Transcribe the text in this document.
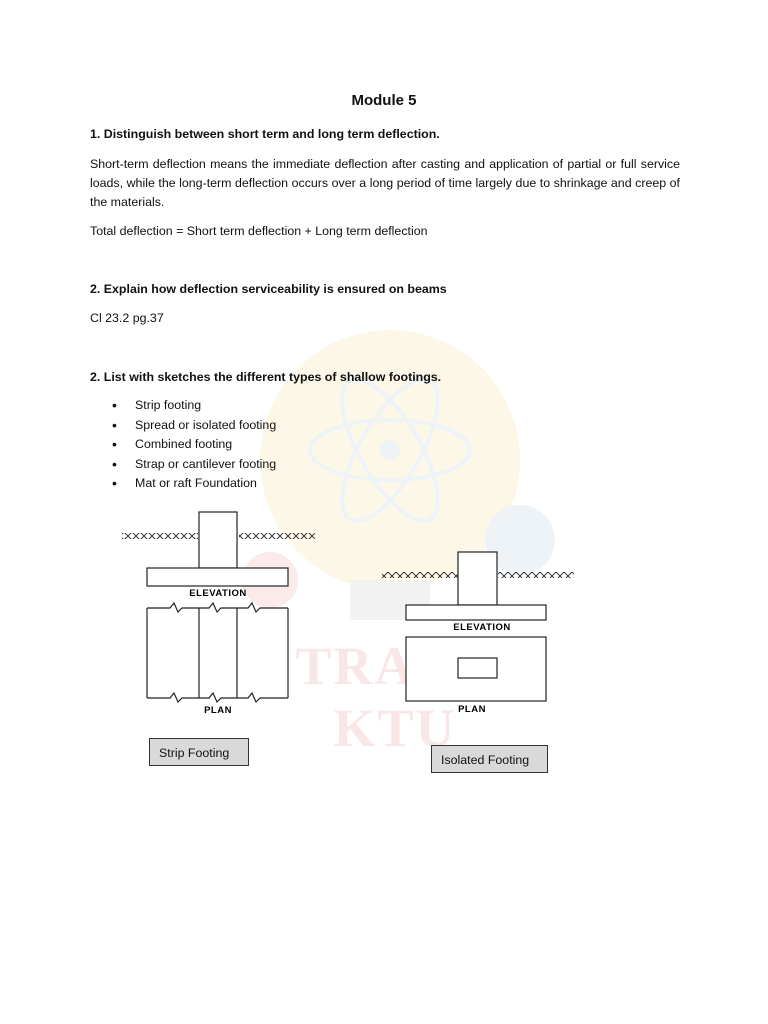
TRACE KTU
Module 5
1. Distinguish between short term and long term deflection.
Short-term deflection means the immediate deflection after casting and application of partial or full service loads, while the long-term deflection occurs over a long period of time largely due to shrinkage and creep of the materials.
Total deflection = Short term deflection + Long term deflection
2. Explain how deflection serviceability is ensured on beams
Cl 23.2 pg.37
2. List with sketches the different types of shallow footings.
• Strip footing
• Spread or isolated footing
• Combined footing
• Strap or cantilever footing
• Mat or raft Foundation
ELEVATION
PLAN
ELEVATION
PLAN
Strip Footing	Isolated Footing
